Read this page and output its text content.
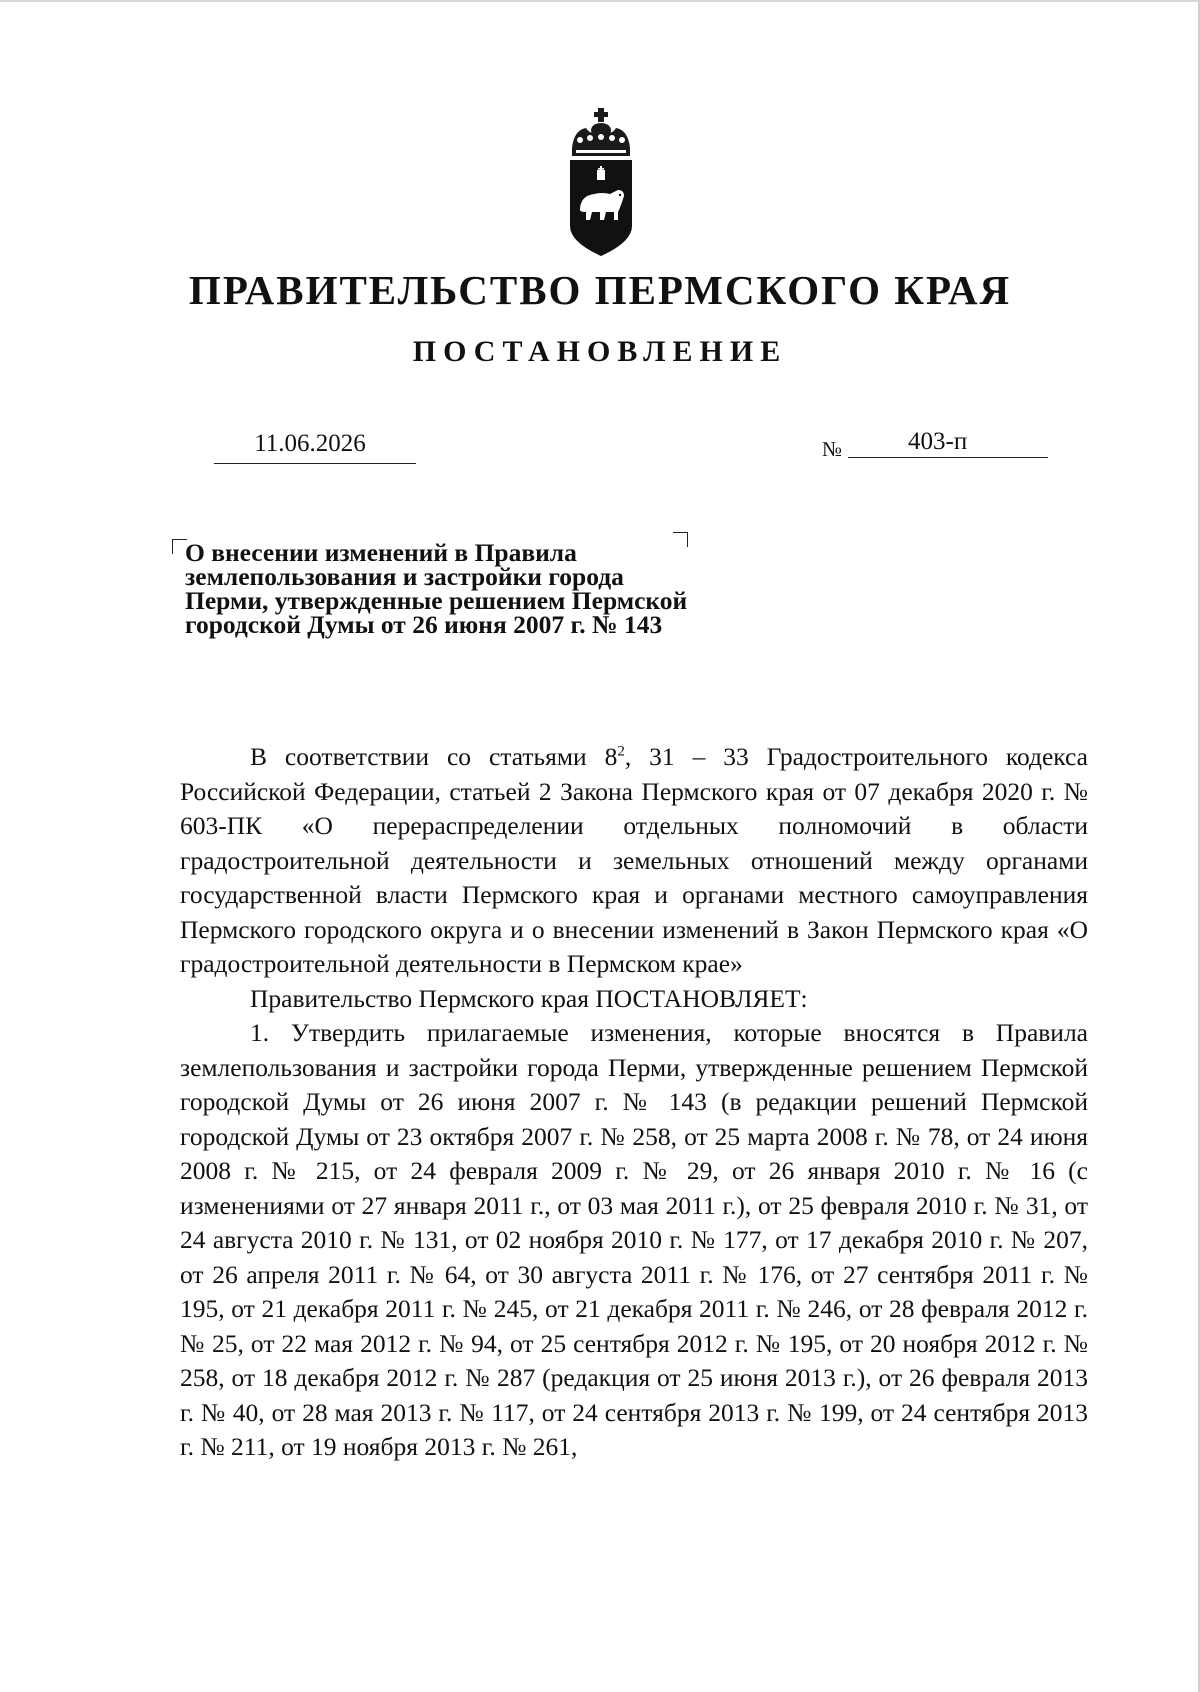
ПРАВИТЕЛЬСТВО ПЕРМСКОГО КРАЯ
ПОСТАНОВЛЕНИЕ
11.06.2026	№	403-п
О внесении изменений в Правила
землепользования и застройки города
Перми, утвержденные решением Пермской
городской Думы от 26 июня 2007 г. № 143

В соответствии со статьями $8^2$, 31 – 33 Градостроительного кодекса Российской Федерации, статьей 2 Закона Пермского края от 07 декабря 2020 г. № 603-ПК «О перераспределении отдельных полномочий в области градостроительной деятельности и земельных отношений между органами государственной власти Пермского края и органами местного самоуправления Пермского городского округа и о внесении изменений в Закон Пермского края «О градостроительной деятельности в Пермском крае»

Правительство Пермского края ПОСТАНОВЛЯЕТ:

1. Утвердить прилагаемые изменения, которые вносятся в Правила землепользования и застройки города Перми, утвержденные решением Пермской городской Думы от 26 июня 2007 г. № 143 (в редакции решений Пермской городской Думы от 23 октября 2007 г. № 258, от 25 марта 2008 г. № 78, от 24 июня 2008 г. № 215, от 24 февраля 2009 г. № 29, от 26 января 2010 г. № 16 (с изменениями от 27 января 2011 г., от 03 мая 2011 г.), от 25 февраля 2010 г. № 31, от 24 августа 2010 г. № 131, от 02 ноября 2010 г. № 177, от 17 декабря 2010 г. № 207, от 26 апреля 2011 г. № 64, от 30 августа 2011 г. № 176, от 27 сентября 2011 г. № 195, от 21 декабря 2011 г. № 245, от 21 декабря 2011 г. № 246, от 28 февраля 2012 г. № 25, от 22 мая 2012 г. № 94, от 25 сентября 2012 г. № 195, от 20 ноября 2012 г. № 258, от 18 декабря 2012 г. № 287 (редакция от 25 июня 2013 г.), от 26 февраля 2013 г. № 40, от 28 мая 2013 г. № 117, от 24 сентября 2013 г. № 199, от 24 сентября 2013 г. № 211, от 19 ноября 2013 г. № 261,
